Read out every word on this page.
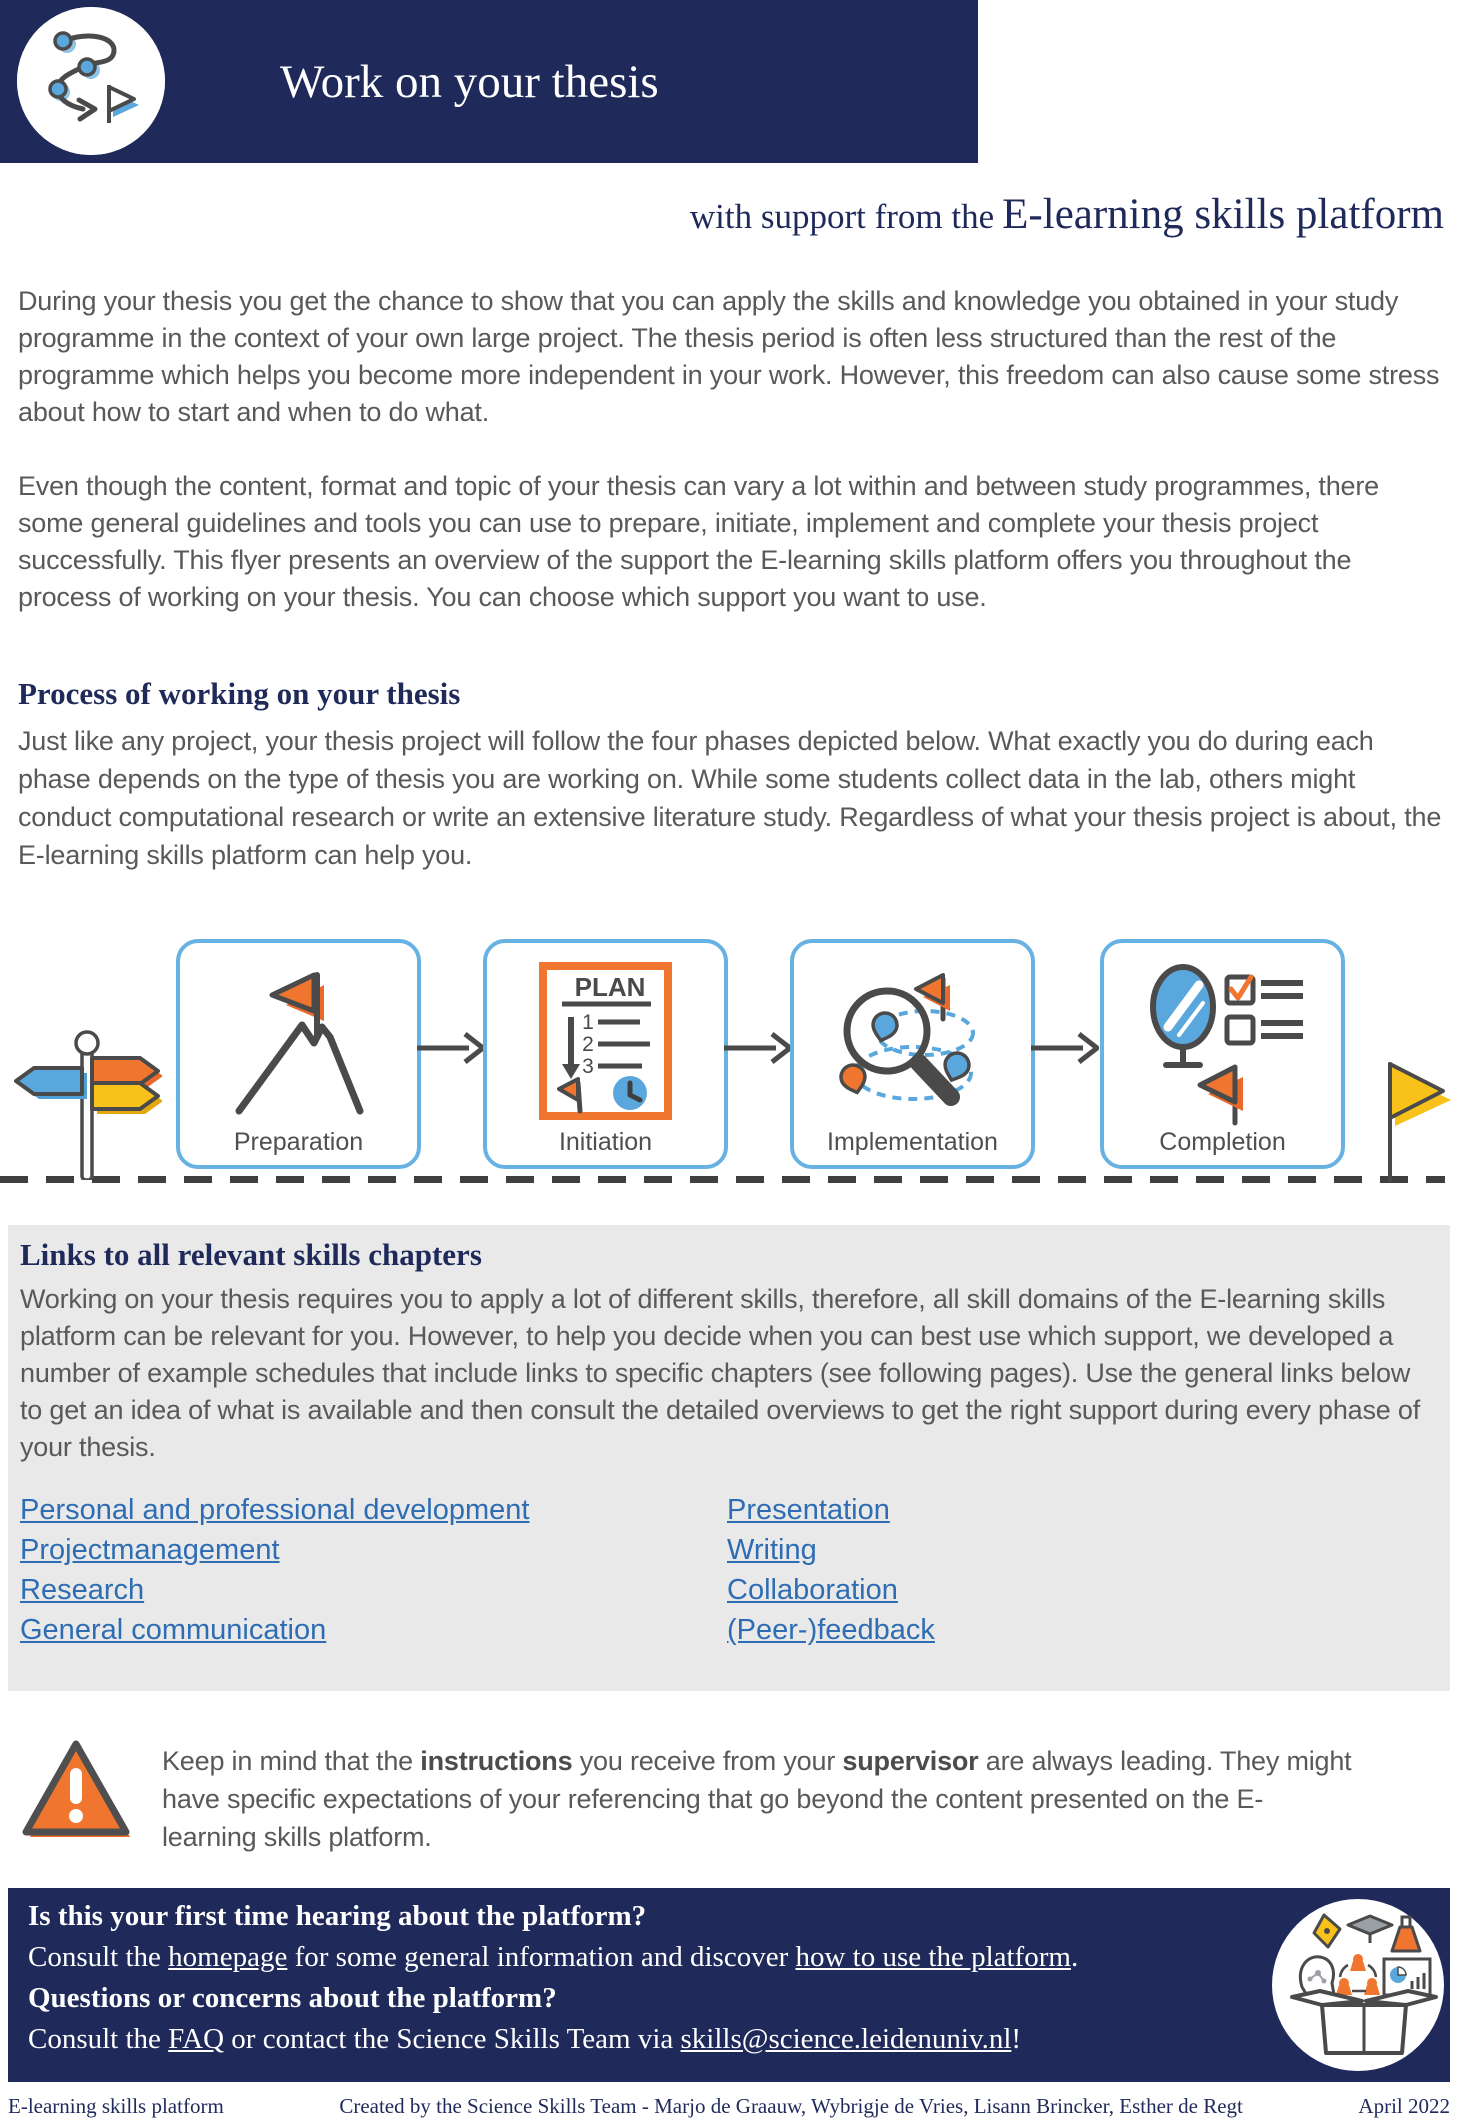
Work on your thesis
with support from the E-learning skills platform

During your thesis you get the chance to show that you can apply the skills and knowledge you obtained in your study programme in the context of your own large project. The thesis period is often less structured than the rest of the programme which helps you become more independent in your work. However, this freedom can also cause some stress about how to start and when to do what.

Even though the content, format and topic of your thesis can vary a lot within and between study programmes, there some general guidelines and tools you can use to prepare, initiate, implement and complete your thesis project successfully. This flyer presents an overview of the support the E-learning skills platform offers you throughout the process of working on your thesis. You can choose which support you want to use.

Process of working on your thesis

Just like any project, your thesis project will follow the four phases depicted below. What exactly you do during each phase depends on the type of thesis you are working on. While some students collect data in the lab, others might conduct computational research or write an extensive literature study. Regardless of what your thesis project is about, the E-learning skills platform can help you.

Preparation
PLAN
1
2
3
Initiation	Implementation	Completion
Links to all relevant skills chapters

Working on your thesis requires you to apply a lot of different skills, therefore, all skill domains of the E-learning skills platform can be relevant for you. However, to help you decide when you can best use which support, we developed a number of example schedules that include links to specific chapters (see following pages). Use the general links below to get an idea of what is available and then consult the detailed overviews to get the right support during every phase of your thesis.

Personal and professional development
Projectmanagement
Research
General communication
Presentation
Writing
Collaboration
(Peer-)feedback

Keep in mind that the instructions you receive from your supervisor are always leading. They might have specific expectations of your referencing that go beyond the content presented on the E-learning skills platform.

Is this your first time hearing about the platform?
Consult the homepage for some general information and discover how to use the platform.
Questions or concerns about the platform?
Consult the FAQ or contact the Science Skills Team via skills@science.leidenuniv.nl!
E-learning skills platform	Created by the Science Skills Team - Marjo de Graauw, Wybrigje de Vries, Lisann Brincker, Esther de Regt	April 2022
